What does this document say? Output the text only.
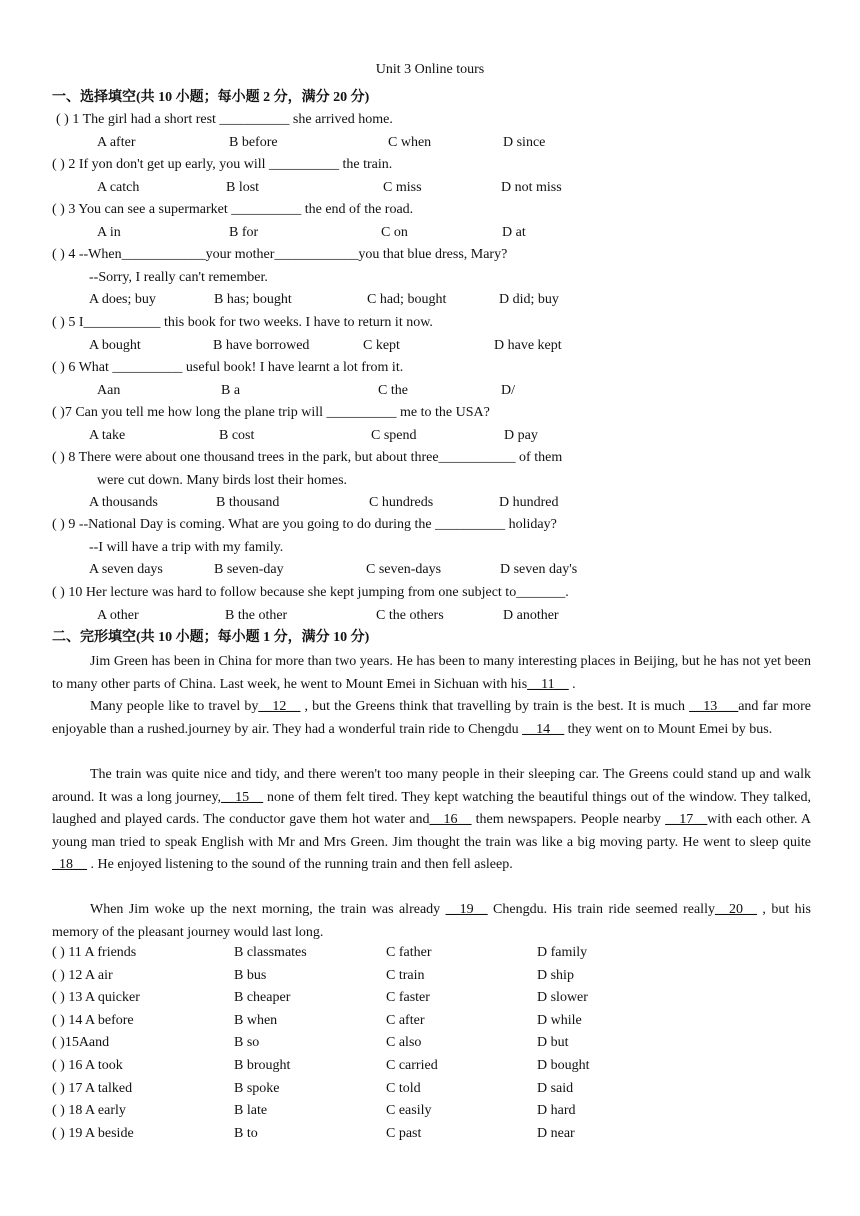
Unit 3 Online tours
一、选择填空(共 10 小题；每小题 2 分，满分 20 分)
( ) 1 The girl had a short rest __________ she arrived home.
A after	B before	C when	D since
( ) 2 If yon don't get up early, you will __________ the train.
A catch	B lost	C miss	D not miss
( ) 3 You can see a supermarket __________ the end of the road.
A in	B for	C on	D at
( ) 4 --When____________your mother____________you that blue dress, Mary?
--Sorry, I really can't remember.
A does; buy	B has; bought	C had; bought	D did; buy
( ) 5 I___________ this book for two weeks. I have to return it now.
A bought	B have borrowed	C kept	D have kept
( ) 6 What __________ useful book! I have learnt a lot from it.
Aan	B a	C the	D/
( )7 Can you tell me how long the plane trip will __________ me to the USA?
A take	B cost	C spend	D pay
( ) 8 There were about one thousand trees in the park, but about three___________ of them
were cut down. Many birds lost their homes.
A thousands	B thousand	C hundreds	D hundred
( ) 9 --National Day is coming. What are you going to do during the __________ holiday?
--I will have a trip with my family.
A seven days	B seven-day	C seven-days	D seven day's
( ) 10 Her lecture was hard to follow because she kept jumping from one subject to_______.
A other	B the other	C the others	D another
二、完形填空(共 10 小题；每小题 1 分，满分 10 分)
Jim Green has been in China for more than two years. He has been to many interesting places in Beijing, but he has not yet been to many other parts of China. Last week, he went to Mount Emei in Sichuan with his__11__ .
Many people like to travel by__12__ , but the Greens think that travelling by train is the best. It is much __13___and far more enjoyable than a rushed.journey by air. They had a wonderful train ride to Chengdu __14__ they went on to Mount Emei by bus.
The train was quite nice and tidy, and there weren't too many people in their sleeping car. The Greens could stand up and walk around. It was a long journey,__15__ none of them felt tired. They kept watching the beautiful things out of the window. They talked, laughed and played cards. The conductor gave them hot water and__16__ them newspapers. People nearby __17__with each other. A young man tried to speak English with Mr and Mrs Green. Jim thought the train was like a big moving party. He went to sleep quite _18__ . He enjoyed listening to the sound of the running train and then fell asleep.
When Jim woke up the next morning, the train was already __19__ Chengdu. His train ride seemed really__20__ , but his memory of the pleasant journey would last long.
( ) 11 A friends	B classmates	C father	D family
( ) 12 A air	B bus	C train	D ship
( ) 13 A quicker	B cheaper	C faster	D slower
( ) 14 A before	B when	C after	D while
( )15Aand	B so	C also	D but
( ) 16 A took	B brought	C carried	D bought
( ) 17 A talked	B spoke	C told	D said
( ) 18 A early	B late	C easily	D hard
( ) 19 A beside	B to	C past	D near
